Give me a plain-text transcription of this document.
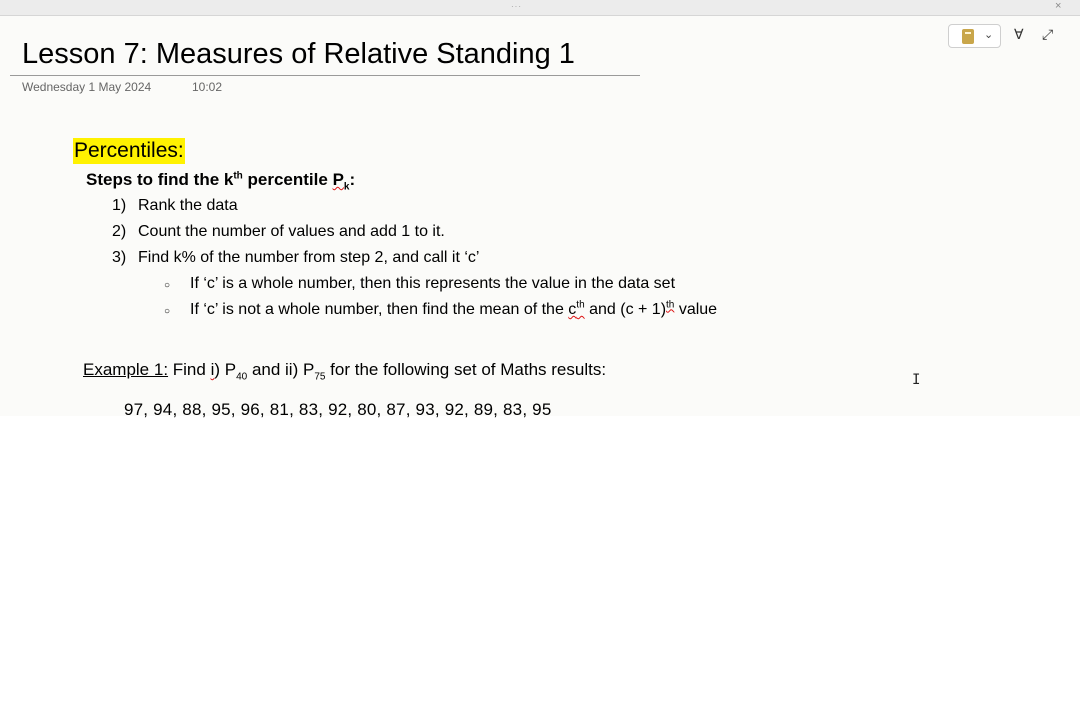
···	×
⌄ ∀ ⤢
Lesson 7: Measures of Relative Standing 1
Wednesday 1 May 2024	10:02
Percentiles:
Steps to find the $k^{th}$ percentile $P_k$:
1) Rank the data
2) Count the number of values and add 1 to it.
3) Find k% of the number from step 2, and call it ‘c’
○ If ‘c’ is a whole number, then this represents the value in the data set
○ If ‘c’ is not a whole number, then find the mean of the $c^{th}$ and $(c + 1)^{th}$ value
Example 1: Find i) $P_{40}$ and ii) $P_{75}$ for the following set of Maths results:
97, 94, 88, 95, 96, 81, 83, 92, 80, 87, 93, 92, 89, 83, 95
I
